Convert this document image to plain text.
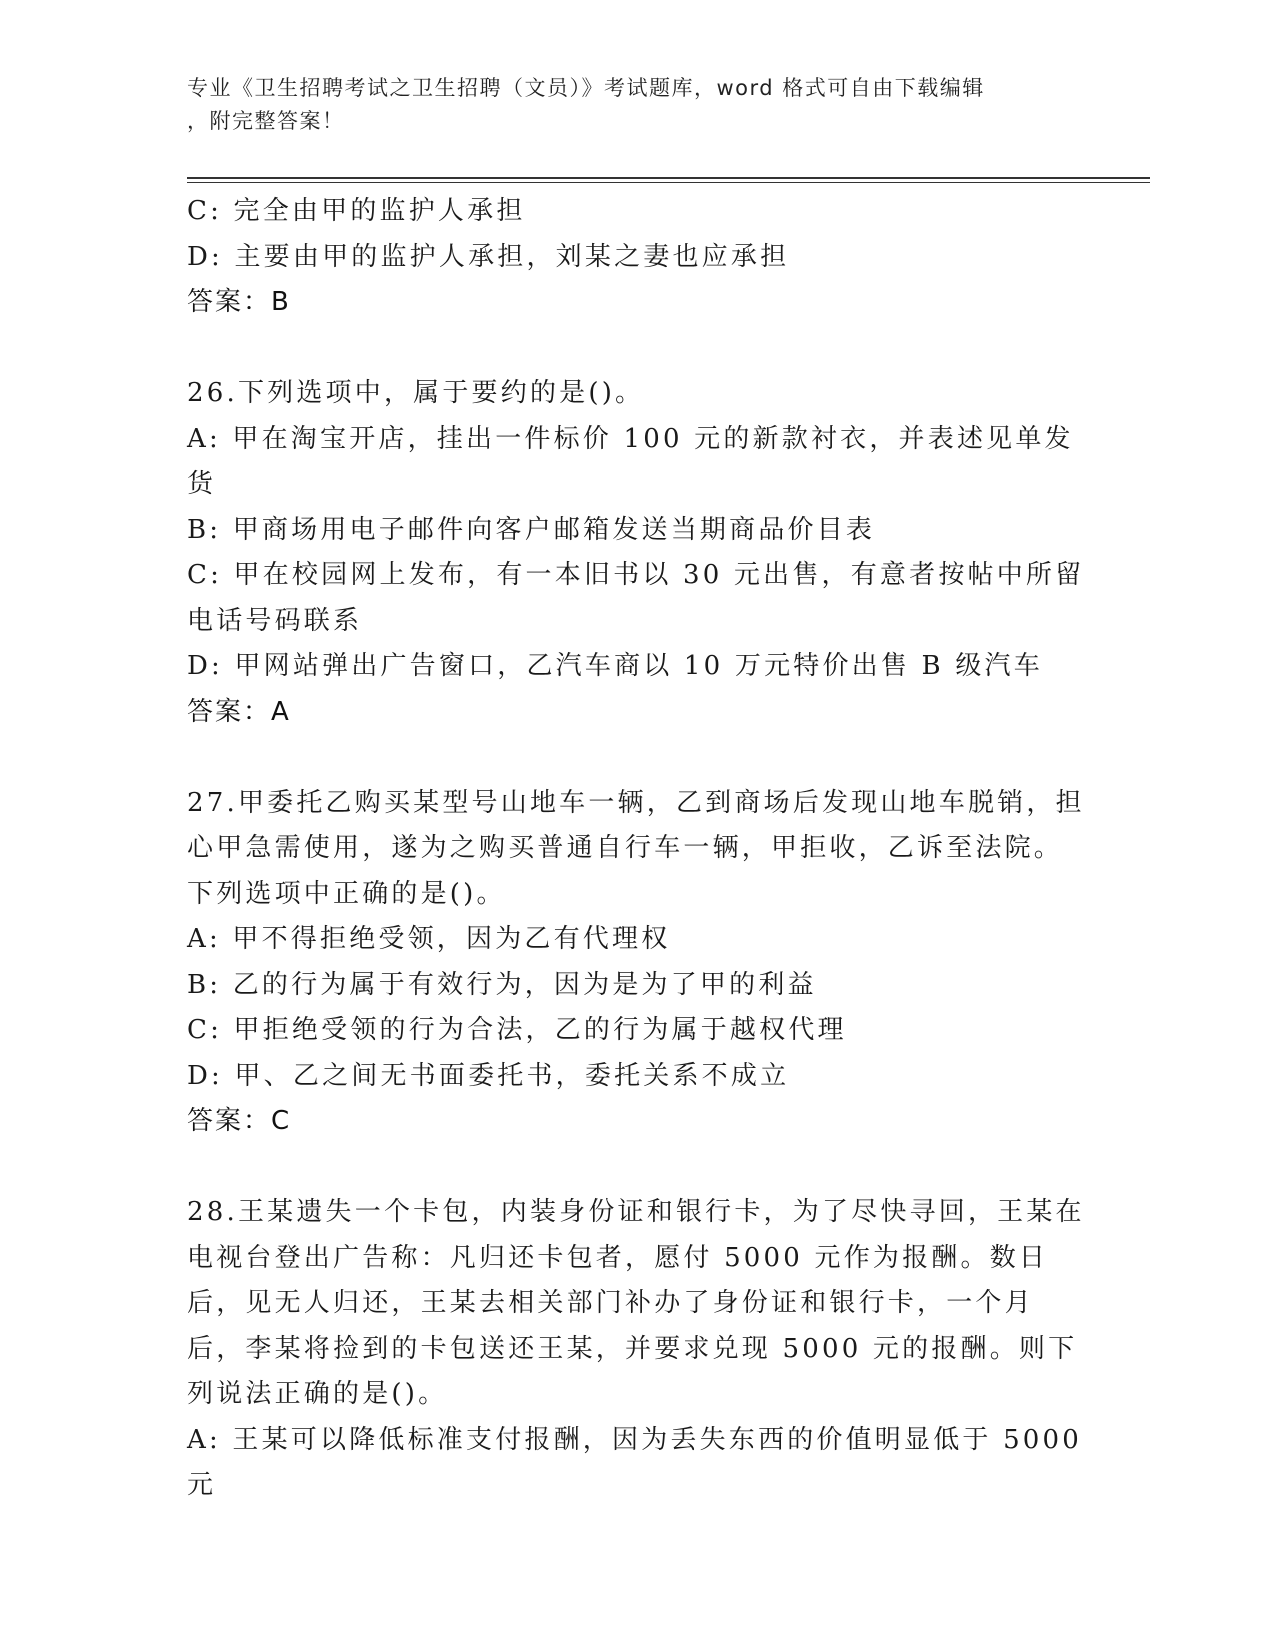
专业《卫生招聘考试之卫生招聘（文员）》考试题库，word 格式可自由下载编辑
，附完整答案！

C: 完全由甲的监护人承担

D: 主要由甲的监护人承担，刘某之妻也应承担

答案：B

26.下列选项中，属于要约的是()。

A: 甲在淘宝开店，挂出一件标价 100 元的新款衬衣，并表述见单发货

B: 甲商场用电子邮件向客户邮箱发送当期商品价目表

C: 甲在校园网上发布，有一本旧书以 30 元出售，有意者按帖中所留电话号码联系

D: 甲网站弹出广告窗口，乙汽车商以 10 万元特价出售 B 级汽车

答案：A

27.甲委托乙购买某型号山地车一辆，乙到商场后发现山地车脱销，担心甲急需使用，遂为之购买普通自行车一辆，甲拒收，乙诉至法院。下列选项中正确的是()。

A: 甲不得拒绝受领，因为乙有代理权

B: 乙的行为属于有效行为，因为是为了甲的利益

C: 甲拒绝受领的行为合法，乙的行为属于越权代理

D: 甲、乙之间无书面委托书，委托关系不成立

答案：C

28.王某遗失一个卡包，内装身份证和银行卡，为了尽快寻回，王某在电视台登出广告称：凡归还卡包者，愿付 5000 元作为报酬。数日后，见无人归还，王某去相关部门补办了身份证和银行卡，一个月后，李某将捡到的卡包送还王某，并要求兑现 5000 元的报酬。则下列说法正确的是()。

A: 王某可以降低标准支付报酬，因为丢失东西的价值明显低于 5000 元
